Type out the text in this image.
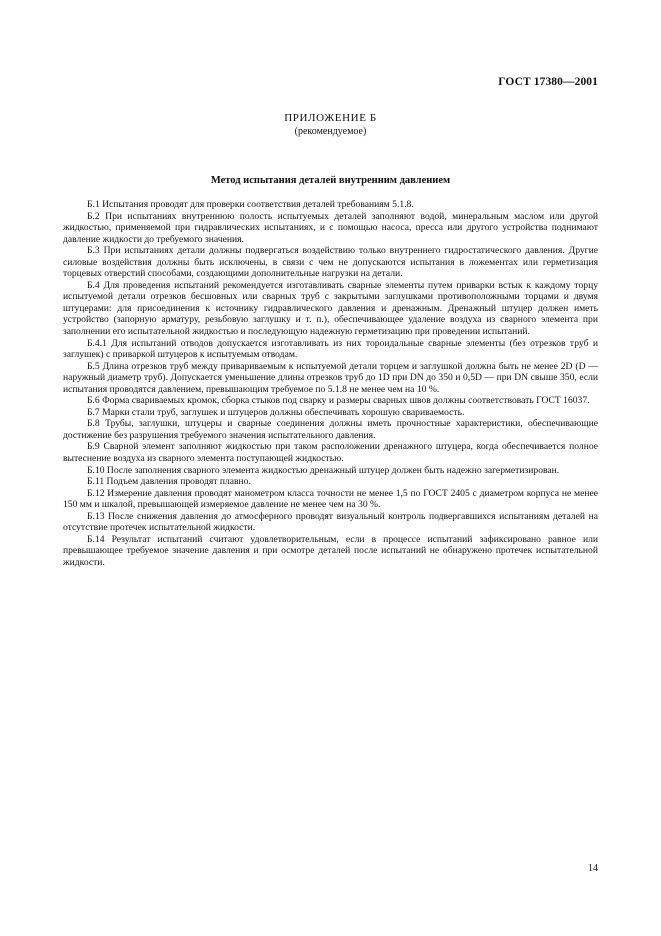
ГОСТ 17380—2001
ПРИЛОЖЕНИЕ Б
(рекомендуемое)
Метод испытания деталей внутренним давлением

Б.1 Испытания проводят для проверки соответствия деталей требованиям 5.1.8.

Б.2 При испытаниях внутреннюю полость испытуемых деталей заполняют водой, минеральным маслом или другой жидкостью, применяемой при гидравлических испытаниях, и с помощью насоса, пресса или другого устройства поднимают давление жидкости до требуемого значения.

Б.3 При испытаниях детали должны подвергаться воздействию только внутреннего гидростатического давления. Другие силовые воздействия должны быть исключены, в связи с чем не допускаются испытания в ложементах или герметизация торцевых отверстий способами, создающими дополнительные нагрузки на детали.

Б.4 Для проведения испытаний рекомендуется изготавливать сварные элементы путем приварки встык к каждому торцу испытуемой детали отрезков бесшовных или сварных труб с закрытыми заглушками противоположными торцами и двумя штуцерами: для присоединения к источнику гидравлического давления и дренажным. Дренажный штуцер должен иметь устройство (запорную арматуру, резьбовую заглушку и т. п.), обеспечивающее удаление воздуха из сварного элемента при заполнении его испытательной жидкостью и последующую надежную герметизацию при проведении испытаний.

Б.4.1 Для испытаний отводов допускается изготавливать из них тороидальные сварные элементы (без отрезков труб и заглушек) с приваркой штуцеров к испытуемым отводам.

Б.5 Длина отрезков труб между привариваемым к испытуемой детали торцем и заглушкой должна быть не менее 2D (D — наружный диаметр труб). Допускается уменьшение длины отрезков труб до 1D при DN до 350 и 0,5D — при DN свыше 350, если испытания проводятся давлением, превышающим требуемое по 5.1.8 не менее чем на 10 %.

Б.6 Форма свариваемых кромок, сборка стыков под сварку и размеры сварных швов должны соответствовать ГОСТ 16037.

Б.7 Марки стали труб, заглушек и штуцеров должны обеспечивать хорошую свариваемость.

Б.8 Трубы, заглушки, штуцеры и сварные соединения должны иметь прочностные характеристики, обеспечивающие достижение без разрушения требуемого значения испытательного давления.

Б.9 Сварной элемент заполняют жидкостью при таком расположении дренажного штуцера, когда обеспечивается полное вытеснение воздуха из сварного элемента поступающей жидкостью.

Б.10 После заполнения сварного элемента жидкостью дренажный штуцер должен быть надежно загерметизирован.

Б.11 Подъем давления проводят плавно.

Б.12 Измерение давления проводят манометром класса точности не менее 1,5 по ГОСТ 2405 с диаметром корпуса не менее 150 мм и шкалой, превышающей измеряемое давление не менее чем на 30 %.

Б.13 После снижения давления до атмосферного проводят визуальный контроль подвергавшихся испытаниям деталей на отсутствие протечек испытательной жидкости.

Б.14 Результат испытаний считают удовлетворительным, если в процессе испытаний зафиксировано равное или превышающее требуемое значение давления и при осмотре деталей после испытаний не обнаружено протечек испытательной жидкости.

14
